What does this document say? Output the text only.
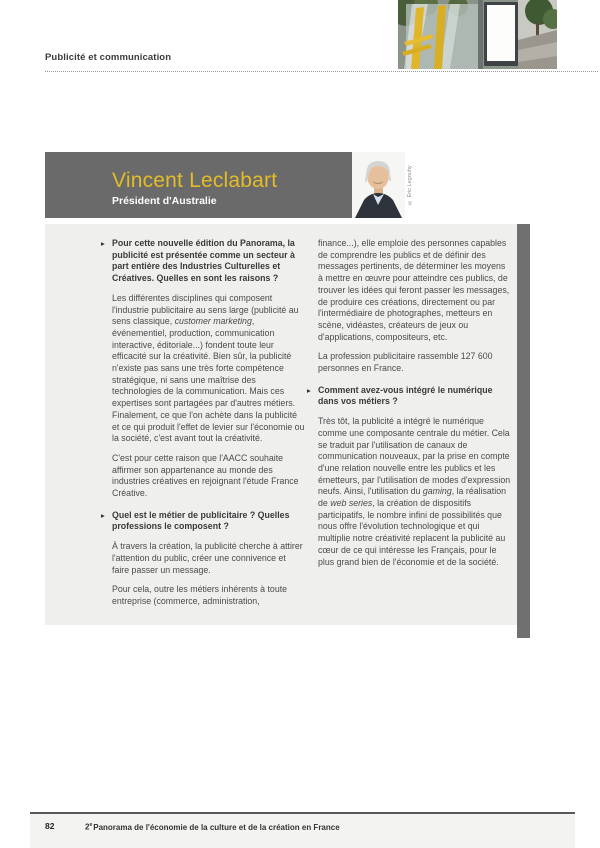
Publicité et communication
Vincent Leclabart
Président d'Australie	© Éric Legouhy
▸ Pour cette nouvelle édition du Panorama, la publicité est présentée comme un secteur à part entière des Industries Culturelles et Créatives. Quelles en sont les raisons ?
Les différentes disciplines qui composent l'industrie publicitaire au sens large (publicité au sens classique, customer marketing, événementiel, production, communication interactive, éditoriale...) fondent toute leur efficacité sur la créativité. Bien sûr, la publicité n'existe pas sans une très forte compétence stratégique, ni sans une maîtrise des technologies de la communication. Mais ces expertises sont partagées par d'autres métiers. Finalement, ce que l'on achète dans la publicité et ce qui produit l'effet de levier sur l'économie ou la société, c'est avant tout la créativité.
C'est pour cette raison que l'AACC souhaite affirmer son appartenance au monde des industries créatives en rejoignant l'étude France Créative.
▸ Quel est le métier de publicitaire ? Quelles professions le composent ?
À travers la création, la publicité cherche à attirer l'attention du public, créer une connivence et faire passer un message.
Pour cela, outre les métiers inhérents à toute entreprise (commerce, administration,
finance...), elle emploie des personnes capables de comprendre les publics et de définir des messages pertinents, de déterminer les moyens à mettre en œuvre pour atteindre ces publics, de trouver les idées qui feront passer les messages, de produire ces créations, directement ou par l'intermédiaire de photographes, metteurs en scène, vidéastes, créateurs de jeux ou d'applications, compositeurs, etc.
La profession publicitaire rassemble 127 600 personnes en France.
▸ Comment avez-vous intégré le numérique dans vos métiers ?
Très tôt, la publicité a intégré le numérique comme une composante centrale du métier. Cela se traduit par l'utilisation de canaux de communication nouveaux, par la prise en compte d'une relation nouvelle entre les publics et les émetteurs, par l'utilisation de modes d'expression neufs. Ainsi, l'utilisation du gaming, la réalisation de web series, la création de dispositifs participatifs, le nombre infini de possibilités que nous offre l'évolution technologique et qui multiplie notre créativité replacent la publicité au cœur de ce qui intéresse les Français, pour le plus grand bien de l'économie et de la société.
82	2ePanorama de l'économie de la culture et de la création en France
